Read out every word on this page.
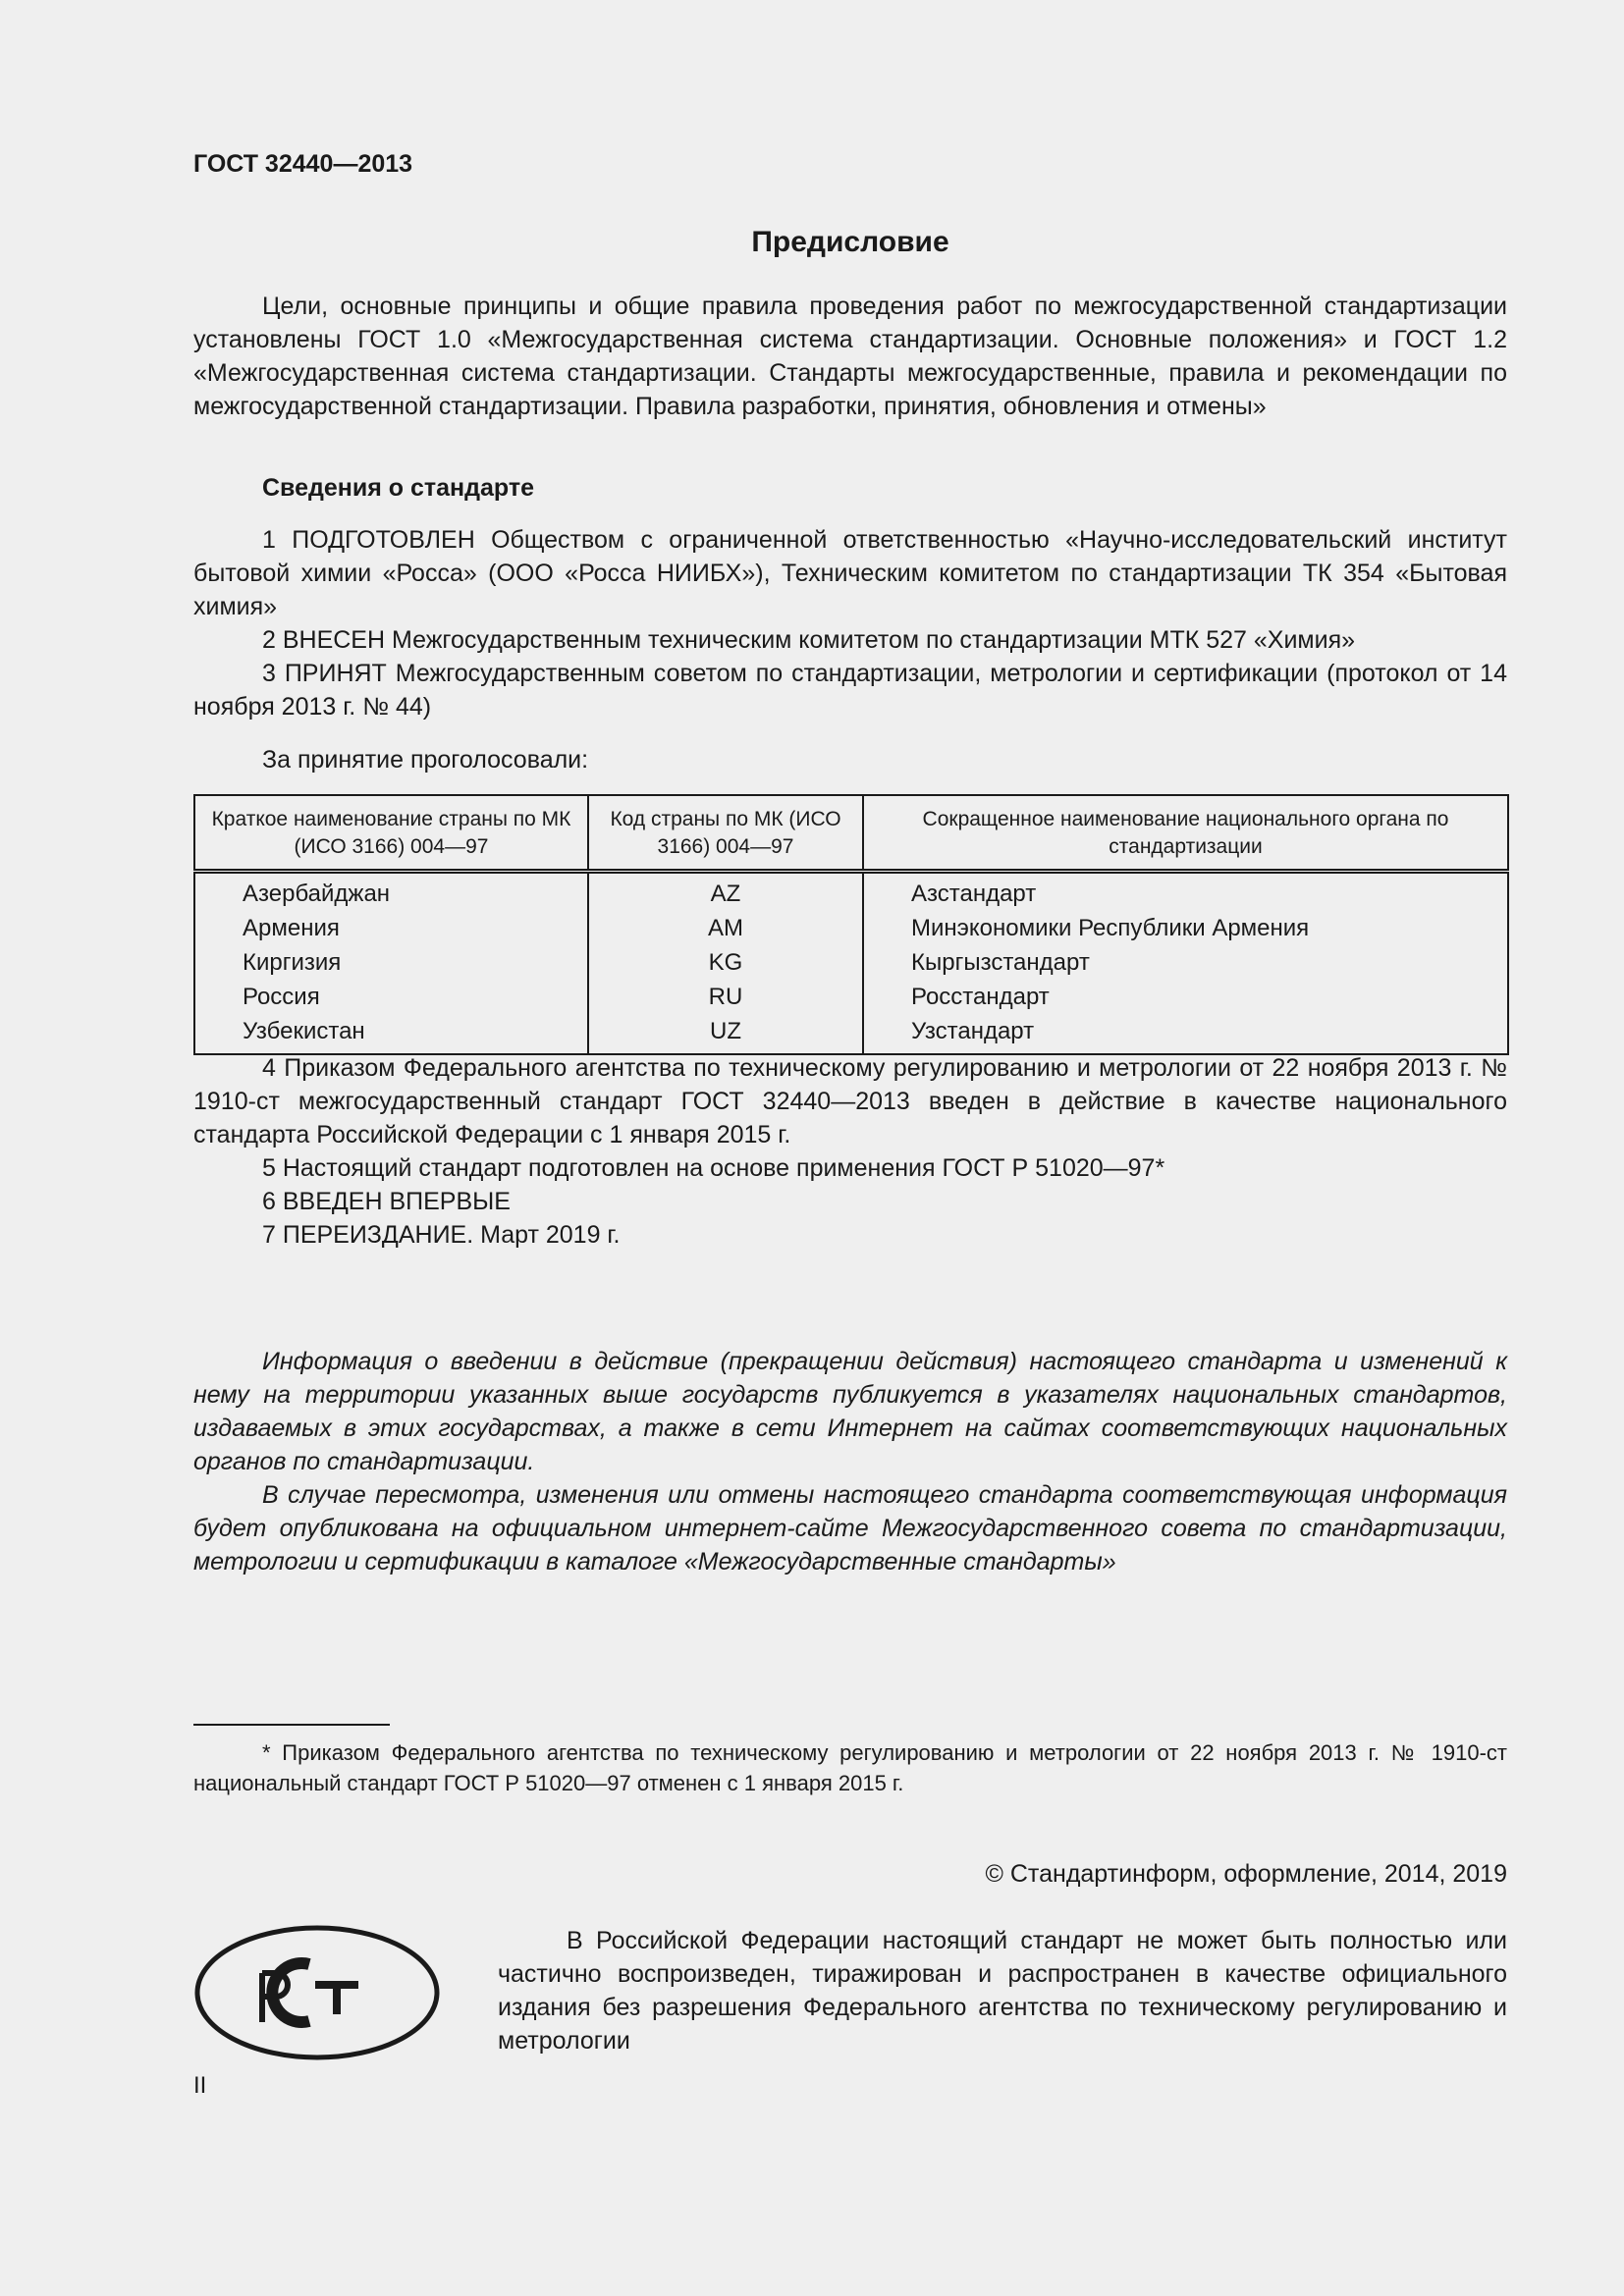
ГОСТ 32440—2013

Предисловие

Цели, основные принципы и общие правила проведения работ по межгосударственной стандартизации установлены ГОСТ 1.0 «Межгосударственная система стандартизации. Основные положения» и ГОСТ 1.2 «Межгосударственная система стандартизации. Стандарты межгосударственные, правила и рекомендации по межгосударственной стандартизации. Правила разработки, принятия, обновления и отмены»

Сведения о стандарте

1 ПОДГОТОВЛЕН Обществом с ограниченной ответственностью «Научно-исследовательский институт бытовой химии «Росса» (ООО «Росса НИИБХ»), Техническим комитетом по стандартизации ТК 354 «Бытовая химия»

2 ВНЕСЕН Межгосударственным техническим комитетом по стандартизации МТК 527 «Химия»

3 ПРИНЯТ Межгосударственным советом по стандартизации, метрологии и сертификации (протокол от 14 ноября 2013 г. № 44)

За принятие проголосовали:

Краткое наименование страны по МК (ИСО 3166) 004—97	Код страны по МК (ИСО 3166) 004—97	Сокращенное наименование национального органа по стандартизации
Азербайджан	AZ	Азстандарт
Армения	AM	Минэкономики Республики Армения
Киргизия	KG	Кыргызстандарт
Россия	RU	Росстандарт
Узбекистан	UZ	Узстандарт

4 Приказом Федерального агентства по техническому регулированию и метрологии от 22 ноября 2013 г. № 1910-ст межгосударственный стандарт ГОСТ 32440—2013 введен в действие в качестве национального стандарта Российской Федерации с 1 января 2015 г.

5 Настоящий стандарт подготовлен на основе применения ГОСТ Р 51020—97*

6 ВВЕДЕН ВПЕРВЫЕ

7 ПЕРЕИЗДАНИЕ. Март 2019 г.

Информация о введении в действие (прекращении действия) настоящего стандарта и изменений к нему на территории указанных выше государств публикуется в указателях национальных стандартов, издаваемых в этих государствах, а также в сети Интернет на сайтах соответствующих национальных органов по стандартизации.

В случае пересмотра, изменения или отмены настоящего стандарта соответствующая информация будет опубликована на официальном интернет-сайте Межгосударственного совета по стандартизации, метрологии и сертификации в каталоге «Межгосударственные стандарты»

* Приказом Федерального агентства по техническому регулированию и метрологии от 22 ноября 2013 г. № 1910-ст национальный стандарт ГОСТ Р 51020—97 отменен с 1 января 2015 г.

© Стандартинформ, оформление, 2014, 2019

В Российской Федерации настоящий стандарт не может быть полностью или частично воспроизведен, тиражирован и распространен в качестве официального издания без разрешения Федерального агентства по техническому регулированию и метрологии

II
